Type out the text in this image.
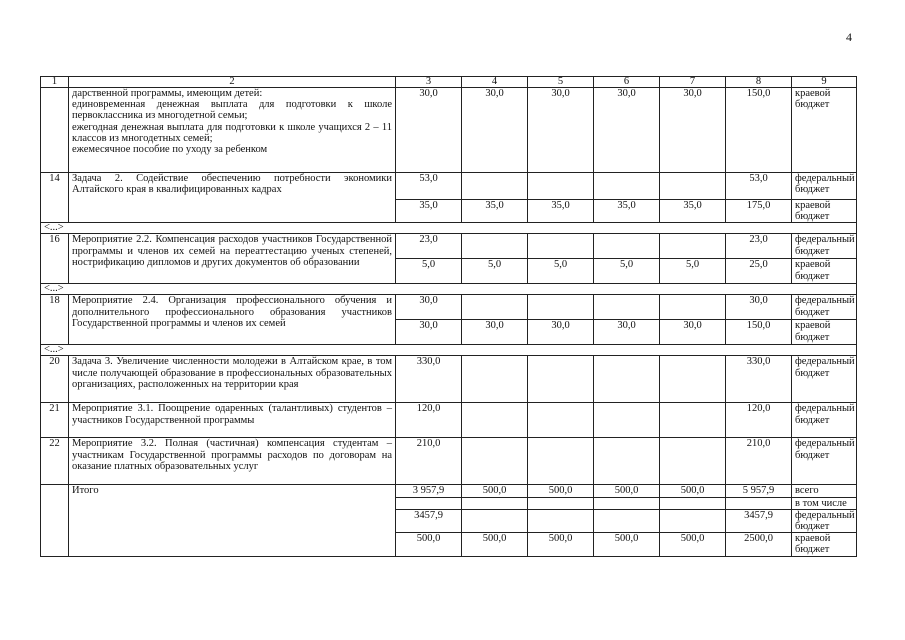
4
1	2	3	4	5	6	7	8	9
	дарственной программы, имеющим детей:
единовременная денежная выплата для подготовки к школе первоклассника из многодетной семьи;
ежегодная денежная выплата для подготовки к школе учащихся 2 – 11 классов из многодетных семей;
ежемесячное пособие по уходу за ребенком	30,0	30,0	30,0	30,0	30,0	150,0	краевой бюджет
14	Задача 2. Содействие обеспечению потребности экономики Алтайского края в квалифицированных кадрах	53,0					53,0	федеральный бюджет
		35,0	35,0	35,0	35,0	35,0	175,0	краевой бюджет
<...>								
16	Мероприятие 2.2. Компенсация расходов участников Государственной программы и членов их семей на переаттестацию ученых степеней, нострификацию дипломов и других документов об образовании	23,0					23,0	федеральный бюджет
		5,0	5,0	5,0	5,0	5,0	25,0	краевой бюджет
<...>								
18	Мероприятие 2.4. Организация профессионального обучения и дополнительного профессионального образования участников Государственной программы и членов их семей	30,0					30,0	федеральный бюджет
		30,0	30,0	30,0	30,0	30,0	150,0	краевой бюджет
<...>								
20	Задача 3. Увеличение численности молодежи в Алтайском крае, в том числе получающей образование в профессиональных образовательных организациях, расположенных на территории края	330,0					330,0	федеральный бюджет
21	Мероприятие 3.1. Поощрение одаренных (талантливых) студентов – участников Государственной программы	120,0					120,0	федеральный бюджет
22	Мероприятие 3.2. Полная (частичная) компенсация студентам – участникам Государственной программы расходов по договорам на оказание платных образовательных услуг	210,0					210,0	федеральный бюджет
	Итого	3 957,9	500,0	500,0	500,0	500,0	5 957,9	всего
								в том числе
		3457,9					3457,9	федеральный бюджет
		500,0	500,0	500,0	500,0	500,0	2500,0	краевой бюджет
